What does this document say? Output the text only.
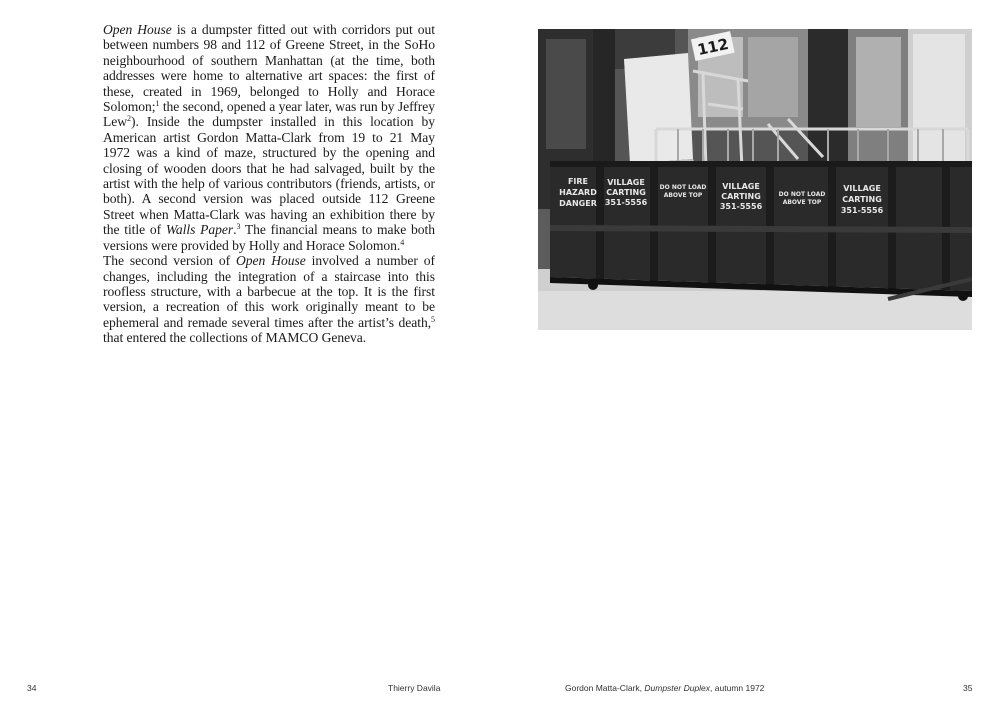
Open House is a dumpster fitted out with corridors put out between numbers 98 and 112 of Greene Street, in the SoHo neighbourhood of southern Manhattan (at the time, both addresses were home to alternative art spaces: the first of these, created in 1969, belonged to Holly and Horace Solomon;$^1$ the second, opened a year later, was run by Jeffrey Lew$^2$). Inside the dumpster installed in this location by American artist Gordon Matta-Clark from 19 to 21 May 1972 was a kind of maze, structured by the opening and closing of wooden doors that he had salvaged, built by the artist with the help of various contributors (friends, artists, or both). A second version was placed outside 112 Greene Street when Matta-Clark was having an exhibition there by the title of Walls Paper.$^3$ The financial means to make both versions were provided by Holly and Horace Solomon.$^4$

The second version of Open House involved a number of changes, including the integration of a staircase into this roofless structure, with a barbecue at the top. It is the first version, a recreation of this work originally meant to be ephemeral and remade several times after the artist’s death,$^5$ that entered the collections of MAMCO Geneva.

112
FIRE
HAZARD
DANGER
VILLAGE
CARTING
351-5556
DO NOT LOAD
ABOVE TOP
VILLAGE
CARTING
351-5556
DO NOT LOAD
ABOVE TOP
VILLAGE
CARTING
351-5556
34	Thierry Davila	Gordon Matta-Clark, Dumpster Duplex, autumn 1972	35
